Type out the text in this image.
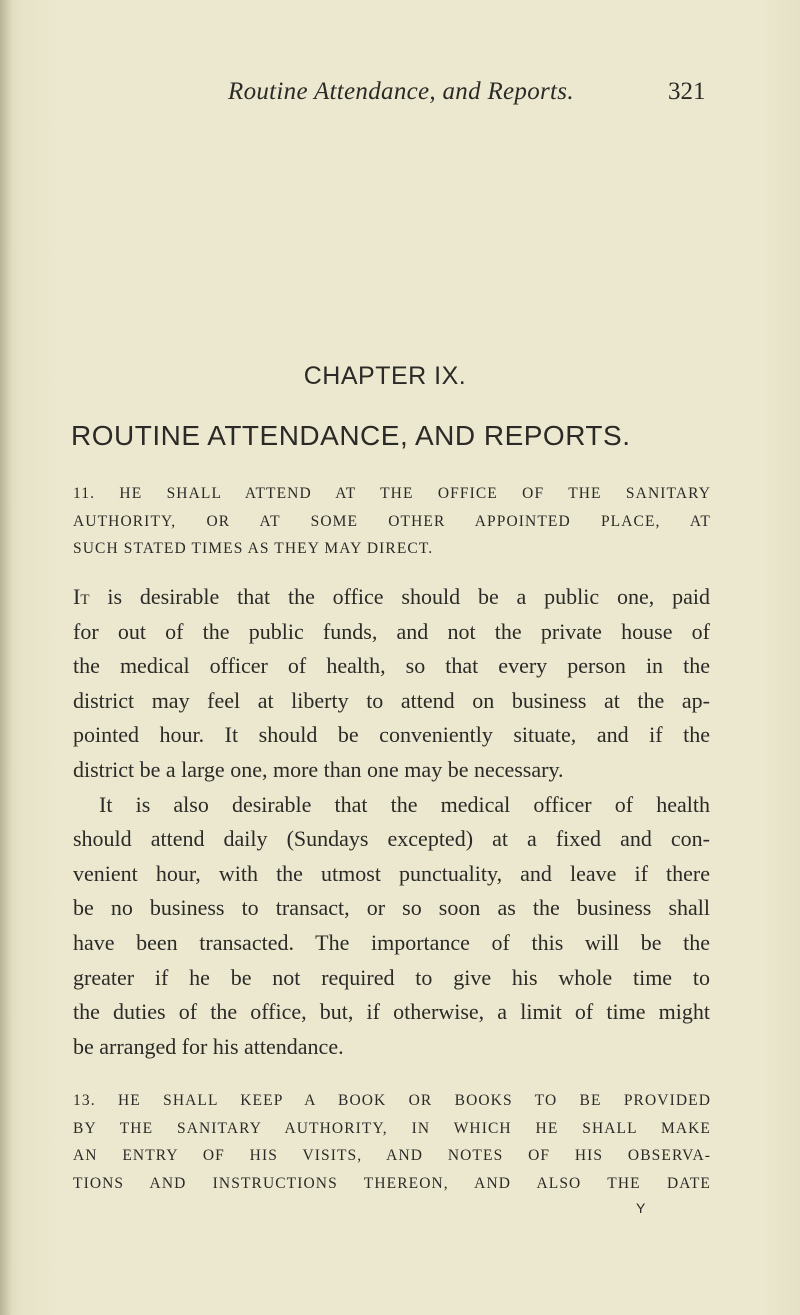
Routine Attendance, and Reports.	321
CHAPTER IX.
ROUTINE ATTENDANCE, AND REPORTS.
11. HE SHALL ATTEND AT THE OFFICE OF THE SANITARY
AUTHORITY, OR AT SOME OTHER APPOINTED PLACE, AT
SUCH STATED TIMES AS THEY MAY DIRECT.
It is desirable that the office should be a public one, paid
for out of the public funds, and not the private house of
the medical officer of health, so that every person in the
district may feel at liberty to attend on business at the ap-
pointed hour. It should be conveniently situate, and if the
district be a large one, more than one may be necessary.
It is also desirable that the medical officer of health
should attend daily (Sundays excepted) at a fixed and con-
venient hour, with the utmost punctuality, and leave if there
be no business to transact, or so soon as the business shall
have been transacted. The importance of this will be the
greater if he be not required to give his whole time to
the duties of the office, but, if otherwise, a limit of time might
be arranged for his attendance.
13. HE SHALL KEEP A BOOK OR BOOKS TO BE PROVIDED
BY THE SANITARY AUTHORITY, IN WHICH HE SHALL MAKE
AN ENTRY OF HIS VISITS, AND NOTES OF HIS OBSERVA-
TIONS AND INSTRUCTIONS THEREON, AND ALSO THE DATE
Y
